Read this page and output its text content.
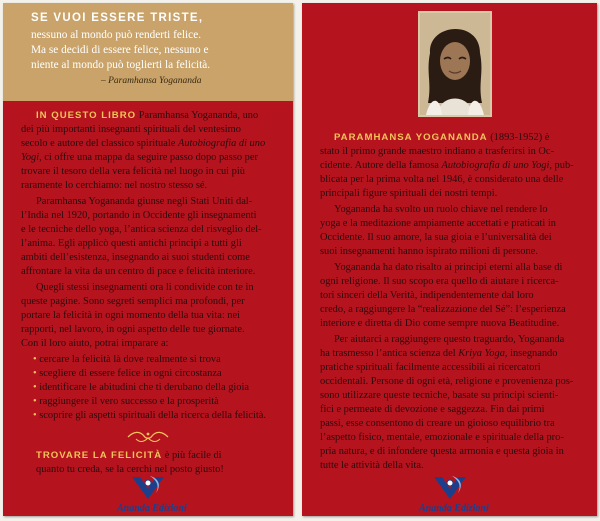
SE VUOI ESSERE TRISTE,
nessuno al mondo può renderti felice.
Ma se decidi di essere felice, nessuno e
niente al mondo può toglierti la felicità.
– Paramhansa Yogananda
IN QUESTO LIBRO Paramhansa Yogananda, uno
dei più importanti insegnanti spirituali del ventesimo
secolo e autore del classico spirituale Autobiografia di uno
Yogi, ci offre una mappa da seguire passo dopo passo per
trovare il tesoro della vera felicità nel luogo in cui più
raramente lo cerchiamo: nel nostro stesso sé.
Paramhansa Yogananda giunse negli Stati Uniti dal-
l’India nel 1920, portando in Occidente gli insegnamenti
e le tecniche dello yoga, l’antica scienza del risveglio del-
l’anima. Egli applicò questi antichi principi a tutti gli
ambiti dell’esistenza, insegnando ai suoi studenti come
affrontare la vita da un centro di pace e felicità interiore.
Quegli stessi insegnamenti ora li condivide con te in
queste pagine. Sono segreti semplici ma profondi, per
portare la felicità in ogni momento della tua vita: nei
rapporti, nel lavoro, in ogni aspetto delle tue giornate.
Con il loro aiuto, potrai imparare a:
• cercare la felicità là dove realmente si trova
• scegliere di essere felice in ogni circostanza
• identificare le abitudini che ti derubano della gioia
• raggiungere il vero successo e la prosperità
• scoprire gli aspetti spirituali della ricerca della felicità.
TROVARE LA FELICITÀ è più facile di
quanto tu creda, se la cerchi nel posto giusto!
Ananda Edizioni
PARAMHANSA YOGANANDA (1893-1952) è
stato il primo grande maestro indiano a trasferirsi in Oc-
cidente. Autore della famosa Autobiografia di uno Yogi, pub-
blicata per la prima volta nel 1946, è considerato una delle
principali figure spirituali dei nostri tempi.
Yogananda ha svolto un ruolo chiave nel rendere lo
yoga e la meditazione ampiamente accettati e praticati in
Occidente. Il suo amore, la sua gioia e l’universalità dei
suoi insegnamenti hanno ispirato milioni di persone.
Yogananda ha dato risalto ai principi eterni alla base di
ogni religione. Il suo scopo era quello di aiutare i ricerca-
tori sinceri della Verità, indipendentemente dal loro
credo, a raggiungere la “realizzazione del Sé”: l’esperienza
interiore e diretta di Dio come sempre nuova Beatitudine.
Per aiutarci a raggiungere questo traguardo, Yogananda
ha trasmesso l’antica scienza del Kriya Yoga, insegnando
pratiche spirituali facilmente accessibili ai ricercatori
occidentali. Persone di ogni età, religione e provenienza pos-
sono utilizzare queste tecniche, basate su principi scienti-
fici e permeate di devozione e saggezza. Fin dai primi
passi, esse consentono di creare un gioioso equilibrio tra
l’aspetto fisico, mentale, emozionale e spirituale della pro-
pria natura, e di infondere questa armonia e questa gioia in
tutte le attività della vita.
Ananda Edizioni
